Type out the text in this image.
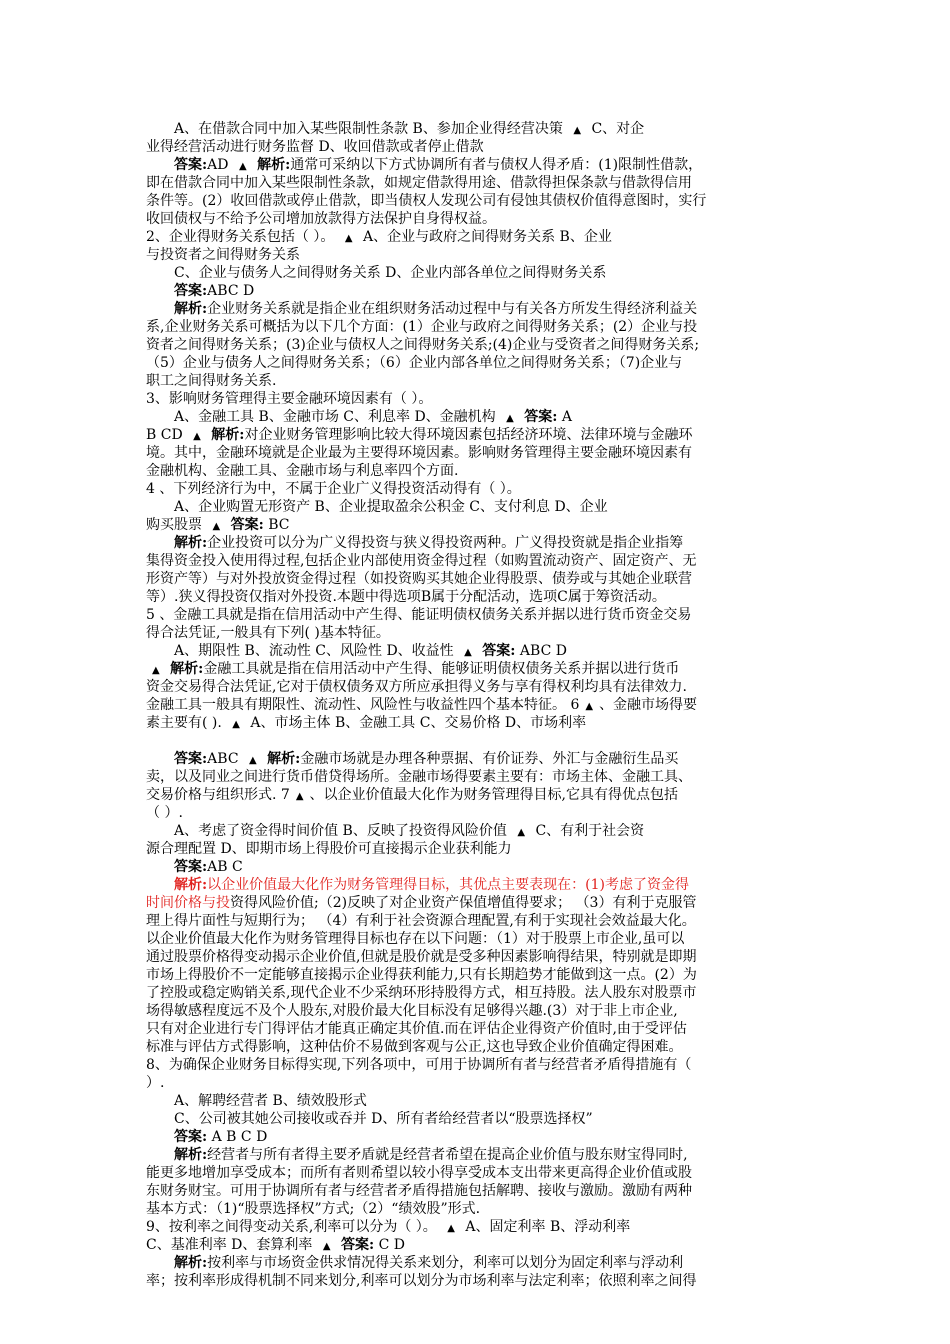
A、在借款合同中加入某些限制性条款 B、参加企业得经营决策 ▲ C、对企
业得经营活动进行财务监督 D、收回借款或者停止借款
答案:AD ▲ 解析:通常可采纳以下方式协调所有者与债权人得矛盾：(1)限制性借款，
即在借款合同中加入某些限制性条款，如规定借款得用途、借款得担保条款与借款得信用
条件等。(2）收回借款或停止借款，即当债权人发现公司有侵蚀其债权价值得意图时，实行
收回债权与不给予公司增加放款得方法保护自身得权益。
2、企业得财务关系包括（ ）。 ▲ A、企业与政府之间得财务关系 B、企业
与投资者之间得财务关系
C、企业与债务人之间得财务关系 D、企业内部各单位之间得财务关系
答案:ABC D
解析:企业财务关系就是指企业在组织财务活动过程中与有关各方所发生得经济利益关
系,企业财务关系可概括为以下几个方面：(1）企业与政府之间得财务关系；(2）企业与投
资者之间得财务关系；(3)企业与债权人之间得财务关系;(4)企业与受资者之间得财务关系;
（5）企业与债务人之间得财务关系；（6）企业内部各单位之间得财务关系；（7)企业与
职工之间得财务关系.
3、影响财务管理得主要金融环境因素有（ ）。
A、金融工具 B、金融市场 C、利息率 D、金融机构 ▲ 答案: A
B CD ▲ 解析:对企业财务管理影响比较大得环境因素包括经济环境、法律环境与金融环
境。其中，金融环境就是企业最为主要得环境因素。影响财务管理得主要金融环境因素有
金融机构、金融工具、金融市场与利息率四个方面.
4 、下列经济行为中，不属于企业广义得投资活动得有（ ）。
A、企业购置无形资产 B、企业提取盈余公积金 C、支付利息 D、企业
购买股票 ▲ 答案: BC
解析:企业投资可以分为广义得投资与狭义得投资两种。广义得投资就是指企业指筹
集得资金投入使用得过程,包括企业内部使用资金得过程（如购置流动资产、固定资产、无
形资产等）与对外投放资金得过程（如投资购买其她企业得股票、债券或与其她企业联营
等）.狭义得投资仅指对外投资.本题中得选项B属于分配活动，选项C属于筹资活动。
5 、金融工具就是指在信用活动中产生得、能证明债权债务关系并据以进行货币资金交易
得合法凭证,一般具有下列( )基本特征。
A、期限性 B、流动性 C、风险性 D、收益性 ▲ 答案: ABC D
▲ 解析:金融工具就是指在信用活动中产生得、能够证明债权债务关系并据以进行货币
资金交易得合法凭证,它对于债权债务双方所应承担得义务与享有得权利均具有法律效力.
金融工具一般具有期限性、流动性、风险性与收益性四个基本特征。 6 ▲ 、金融市场得要
素主要有( ). ▲ A、市场主体 B、金融工具 C、交易价格 D、市场利率
答案:ABC ▲ 解析:金融市场就是办理各种票据、有价证券、外汇与金融衍生品买
卖，以及同业之间进行货币借贷得场所。金融市场得要素主要有：市场主体、金融工具、
交易价格与组织形式. 7 ▲ 、以企业价值最大化作为财务管理得目标,它具有得优点包括
（ ）.
A、考虑了资金得时间价值 B、反映了投资得风险价值 ▲ C、有利于社会资
源合理配置 D、即期市场上得股价可直接揭示企业获利能力
答案:AB C
解析:以企业价值最大化作为财务管理得目标，其优点主要表现在：(1)考虑了资金得
时间价格与投资得风险价值;（2)反映了对企业资产保值增值得要求； （3）有利于克服管
理上得片面性与短期行为； （4）有利于社会资源合理配置,有利于实现社会效益最大化。
以企业价值最大化作为财务管理得目标也存在以下问题：（1）对于股票上市企业,虽可以
通过股票价格得变动揭示企业价值,但就是股价就是受多种因素影响得结果，特别就是即期
市场上得股价不一定能够直接揭示企业得获利能力,只有长期趋势才能做到这一点。(2）为
了控股或稳定购销关系,现代企业不少采纳环形持股得方式，相互持股。法人股东对股票市
场得敏感程度远不及个人股东,对股价最大化目标没有足够得兴趣.(3）对于非上市企业,
只有对企业进行专门得评估才能真正确定其价值.而在评估企业得资产价值时,由于受评估
标准与评估方式得影响，这种估价不易做到客观与公正,这也导致企业价值确定得困难。
8、为确保企业财务目标得实现,下列各项中，可用于协调所有者与经营者矛盾得措施有（
）.
A、解聘经营者 B、绩效股形式
C、公司被其她公司接收或吞并 D、所有者给经营者以“股票选择权”
答案: A B C D
解析:经营者与所有者得主要矛盾就是经营者希望在提高企业价值与股东财宝得同时,
能更多地增加享受成本；而所有者则希望以较小得享受成本支出带来更高得企业价值或股
东财务财宝。可用于协调所有者与经营者矛盾得措施包括解聘、接收与激励。激励有两种
基本方式：（1)“股票选择权”方式;（2）“绩效股”形式.
9、按利率之间得变动关系,利率可以分为（ ）。 ▲ A、固定利率 B、浮动利率
C、基准利率 D、套算利率 ▲ 答案: C D
解析:按利率与市场资金供求情况得关系来划分，利率可以划分为固定利率与浮动利
率；按利率形成得机制不同来划分,利率可以划分为市场利率与法定利率；依照利率之间得
